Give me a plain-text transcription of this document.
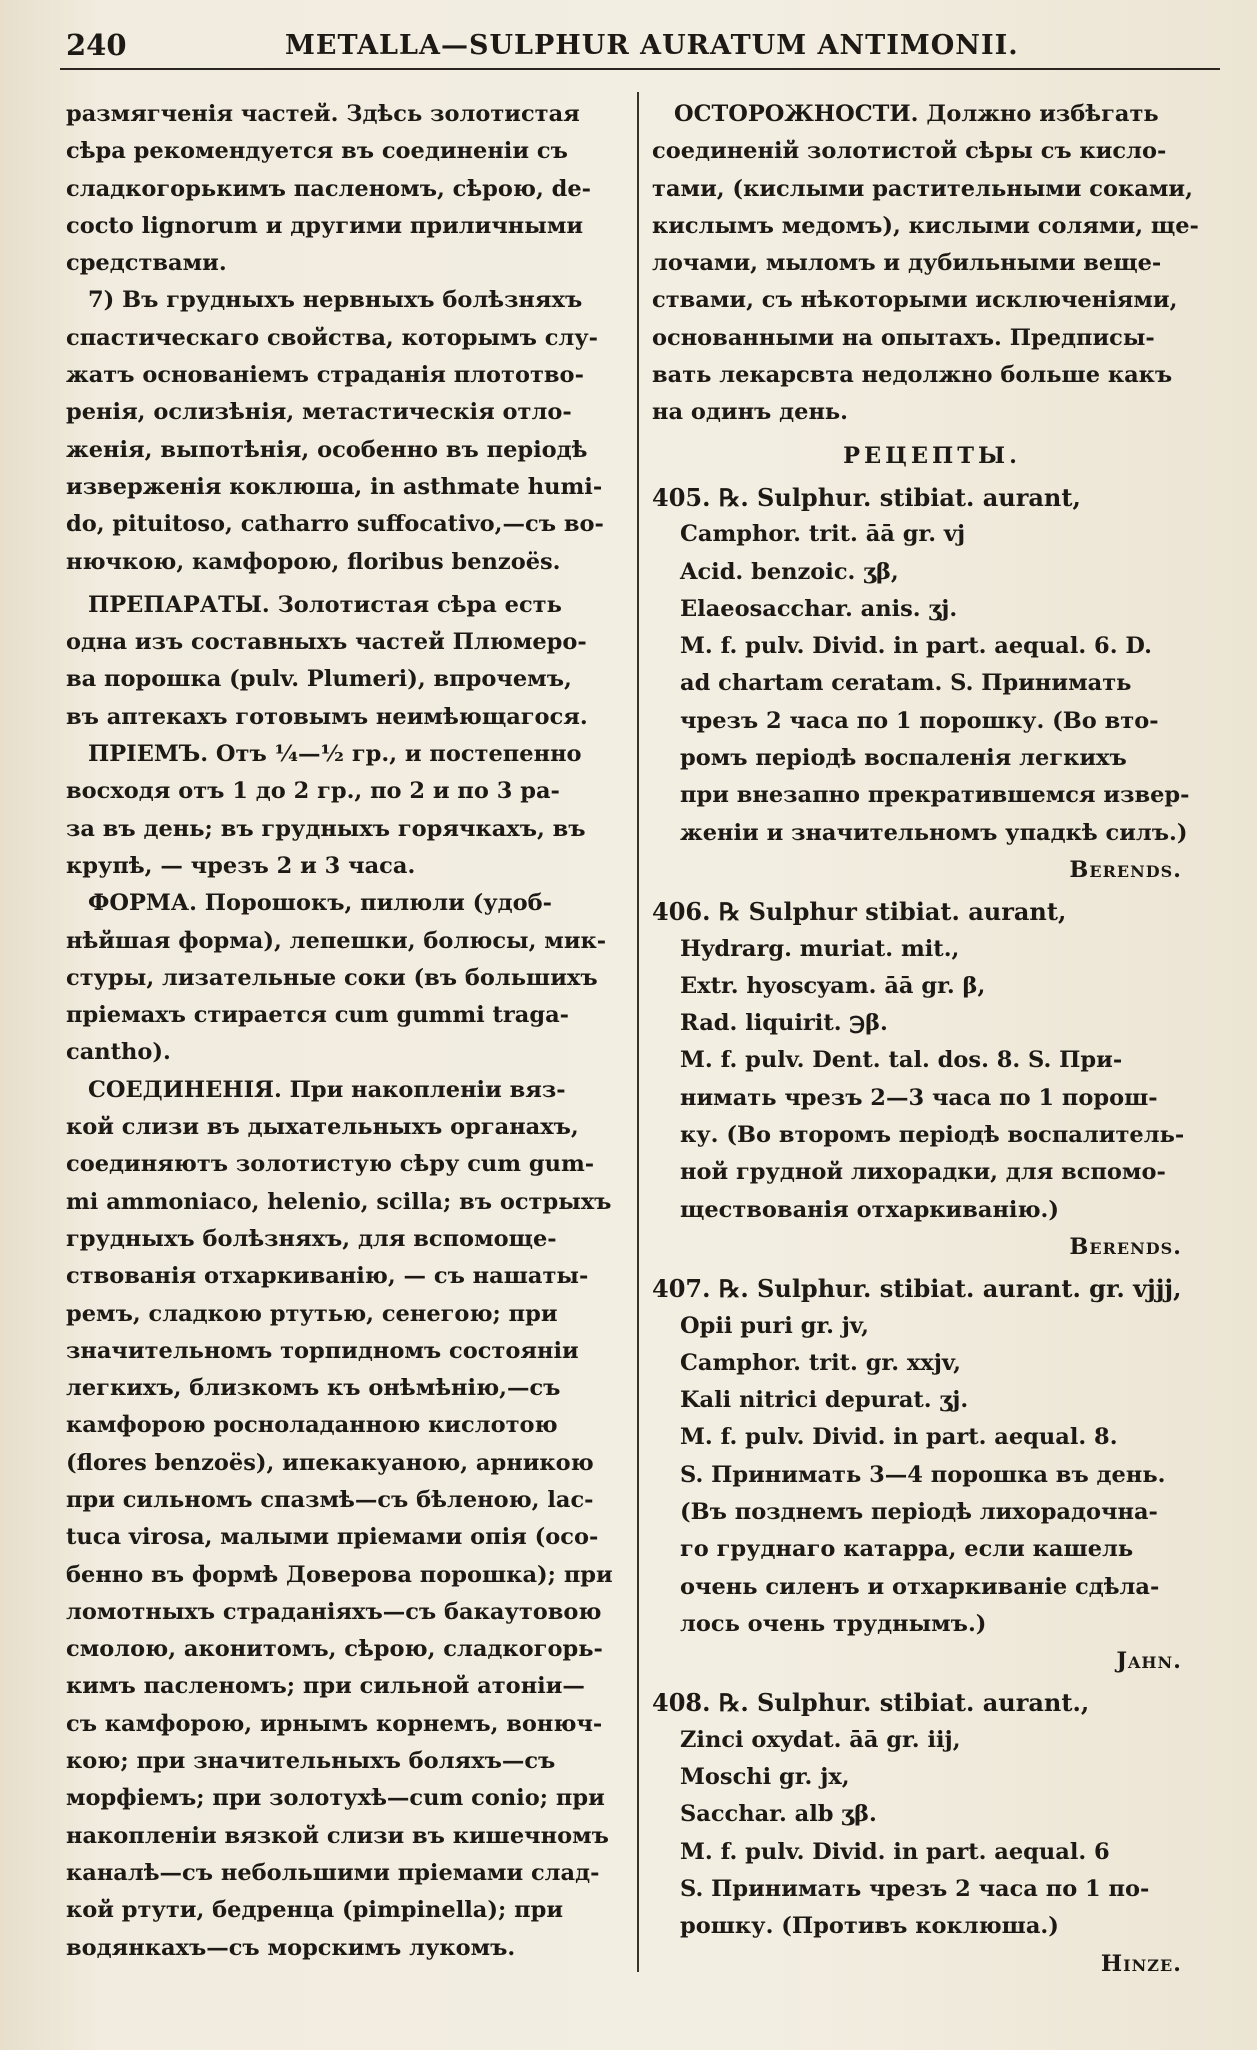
240	METALLA—SULPHUR AURATUM ANTIMONII.
размягченія частей. Здѣсь золотистая
сѣра рекомендуется въ соединеніи съ
сладкогорькимъ пасленомъ, сѣрою, de-
cocto lignorum и другими приличными
средствами.
7) Въ грудныхъ нервныхъ болѣзняхъ
спастическаго свойства, которымъ слу-
жатъ основаніемъ страданія плототво-
ренія, ослизѣнія, метастическія отло-
женія, выпотѣнія, особенно въ періодѣ
изверженія коклюша, in asthmate humi-
do, pituitoso, catharro suffocativo,—съ во-
нючкою, камфорою, floribus benzoës.
ПРЕПАРАТЫ. Золотистая сѣра есть
одна изъ составныхъ частей Плюмеро-
ва порошка (pulv. Plumeri), впрочемъ,
въ аптекахъ готовымъ неимѣющагося.
ПРІЕМЪ. Отъ ¼—½ гр., и постепенно
восходя отъ 1 до 2 гр., по 2 и по 3 ра-
за въ день; въ грудныхъ горячкахъ, въ
крупѣ, — чрезъ 2 и 3 часа.
ФОРМА. Порошокъ, пилюли (удоб-
нѣйшая форма), лепешки, болюсы, мик-
стуры, лизательные соки (въ большихъ
пріемахъ стирается cum gummi traga-
cantho).
СОЕДИНЕНІЯ. При накопленіи вяз-
кой слизи въ дыхательныхъ органахъ,
соединяютъ золотистую сѣру cum gum-
mi ammoniaco, helenio, scilla; въ острыхъ
грудныхъ болѣзняхъ, для вспомоще-
ствованія отхаркиванію, — съ нашаты-
ремъ, сладкою ртутью, сенегою; при
значительномъ торпидномъ состояніи
легкихъ, близкомъ къ онѣмѣнію,—съ
камфорою росноладанною кислотою
(flores benzoës), ипекакуаною, арникою
при сильномъ спазмѣ—съ бѣленою, lac-
tuca virosa, малыми пріемами опія (осо-
бенно въ формѣ Доверова порошка); при
ломотныхъ страданіяхъ—съ бакаутовою
смолою, аконитомъ, сѣрою, сладкогорь-
кимъ пасленомъ; при сильной атоніи—
съ камфорою, ирнымъ корнемъ, вонюч-
кою; при значительныхъ боляхъ—съ
морфіемъ; при золотухѣ—cum conio; при
накопленіи вязкой слизи въ кишечномъ
каналѣ—съ небольшими пріемами слад-
кой ртути, бедренца (pimpinella); при
водянкахъ—съ морскимъ лукомъ.
ОСТОРОЖНОСТИ. Должно избѣгать
соединеній золотистой сѣры съ кисло-
тами, (кислыми растительными соками,
кислымъ медомъ), кислыми солями, ще-
лочами, мыломъ и дубильными веще-
ствами, съ нѣкоторыми исключеніями,
основанными на опытахъ. Предписы-
вать лекарсвта недолжно больше какъ
на одинъ день.
РЕЦЕПТЫ.
405. ℞. Sulphur. stibiat. aurant,
Camphor. trit. āā gr. vj
Acid. benzoic. ʒβ,
Elaeosacchar. anis. ʒj.
M. f. pulv. Divid. in part. aequal. 6. D.
ad chartam ceratam. S. Принимать
чрезъ 2 часа по 1 порошку. (Во вто-
ромъ періодѣ воспаленія легкихъ
при внезапно прекратившемся извер-
женіи и значительномъ упадкѣ силъ.)
Berends.
406. ℞ Sulphur stibiat. aurant,
Hydrarg. muriat. mit.,
Extr. hyoscyam. āā gr. β,
Rad. liquirit. ℈β.
M. f. pulv. Dent. tal. dos. 8. S. При-
нимать чрезъ 2—3 часа по 1 порош-
ку. (Во второмъ періодѣ воспалитель-
ной грудной лихорадки, для вспомо-
ществованія отхаркиванію.)
Berends.
407. ℞. Sulphur. stibiat. aurant. gr. vjjj,
Opii puri gr. jv,
Camphor. trit. gr. xxjv,
Kali nitrici depurat. ʒj.
M. f. pulv. Divid. in part. aequal. 8.
S. Принимать 3—4 порошка въ день.
(Въ позднемъ періодѣ лихорадочна-
го груднаго катарра, если кашель
очень силенъ и отхаркиваніе сдѣла-
лось очень труднымъ.)
Jahn.
408. ℞. Sulphur. stibiat. aurant.,
Zinci oxydat. āā gr. iij,
Moschi gr. jx,
Sacchar. alb ʒβ.
M. f. pulv. Divid. in part. aequal. 6
S. Принимать чрезъ 2 часа по 1 по-
рошку. (Противъ коклюша.)
Hinze.
